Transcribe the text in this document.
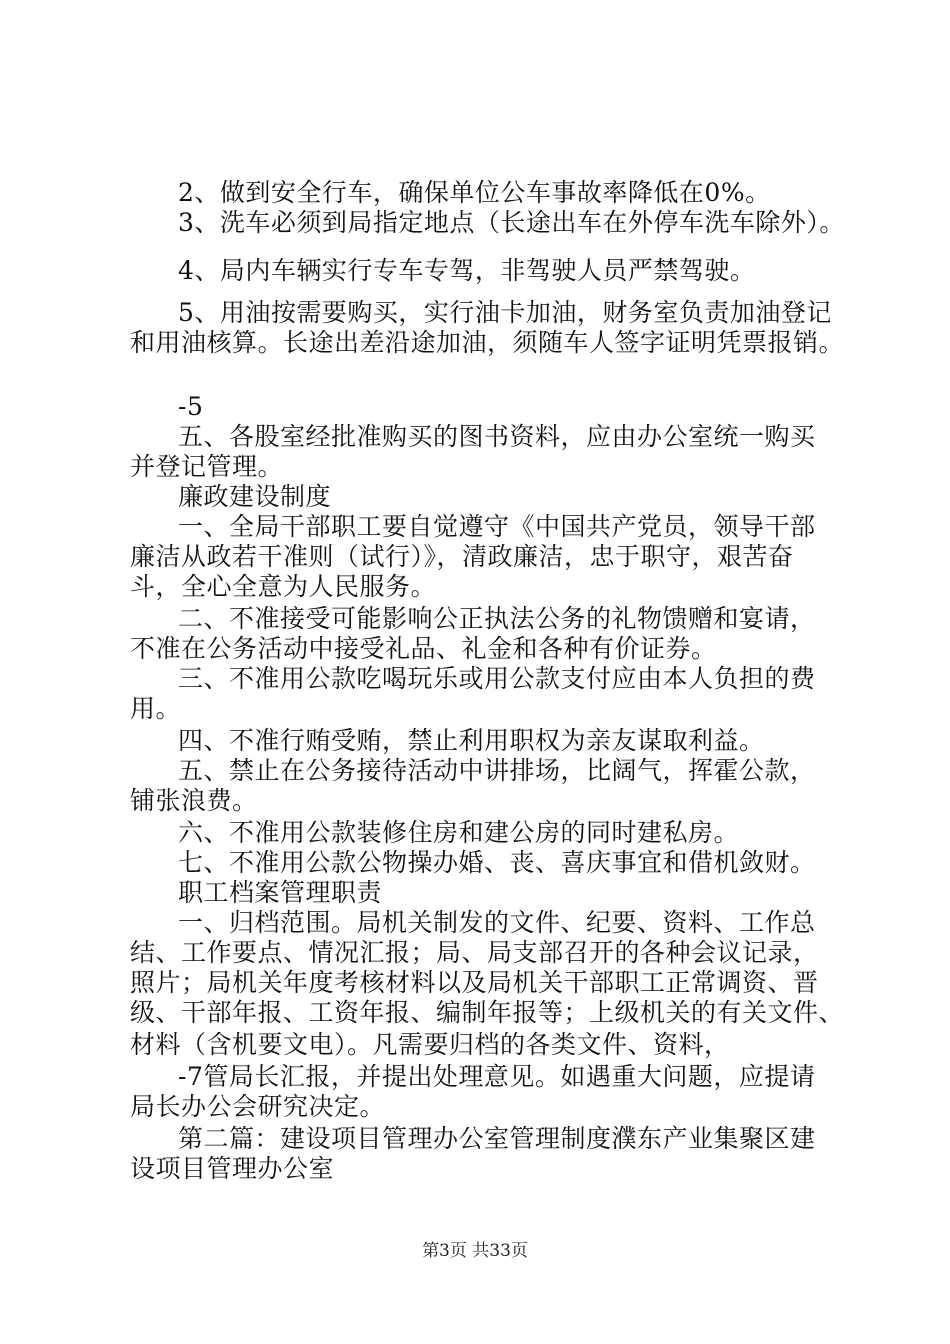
2、做到安全行车，确保单位公车事故率降低在0%。
3、洗车必须到局指定地点（长途出车在外停车洗车除外）。
4、局内车辆实行专车专驾，非驾驶人员严禁驾驶。
5、用油按需要购买，实行油卡加油，财务室负责加油登记
和用油核算。长途出差沿途加油，须随车人签字证明凭票报销。
-5
五、各股室经批准购买的图书资料，应由办公室统一购买
并登记管理。
廉政建设制度
一、全局干部职工要自觉遵守《中国共产党员，领导干部
廉洁从政若干准则（试行）》，清政廉洁，忠于职守，艰苦奋
斗，全心全意为人民服务。
二、不准接受可能影响公正执法公务的礼物馈赠和宴请，
不准在公务活动中接受礼品、礼金和各种有价证券。
三、不准用公款吃喝玩乐或用公款支付应由本人负担的费
用。
四、不准行贿受贿，禁止利用职权为亲友谋取利益。
五、禁止在公务接待活动中讲排场，比阔气，挥霍公款，
铺张浪费。
六、不准用公款装修住房和建公房的同时建私房。
七、不准用公款公物操办婚、丧、喜庆事宜和借机敛财。
职工档案管理职责
一、归档范围。局机关制发的文件、纪要、资料、工作总
结、工作要点、情况汇报；局、局支部召开的各种会议记录，
照片；局机关年度考核材料以及局机关干部职工正常调资、晋
级、干部年报、工资年报、编制年报等；上级机关的有关文件、
材料（含机要文电）。凡需要归档的各类文件、资料，
-7管局长汇报，并提出处理意见。如遇重大问题，应提请
局长办公会研究决定。
第二篇：建设项目管理办公室管理制度濮东产业集聚区建
设项目管理办公室
第3页 共33页
